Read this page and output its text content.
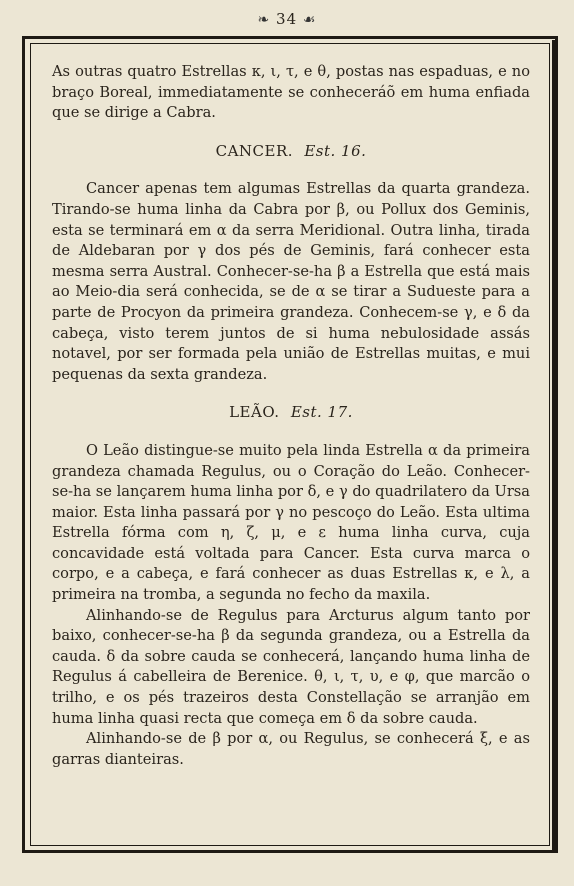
❧ 34 ☙

As outras quatro Estrellas κ, ι, τ, e θ, postas nas espaduas, e no braço Boreal, immediatamente se conheceráõ em huma enfiada que se dirige a Cabra.

CANCER. Est. 16.

Cancer apenas tem algumas Estrellas da quarta grandeza. Tirando-se huma linha da Cabra por β, ou Pollux dos Geminis, esta se terminará em α da serra Meridional. Outra linha, tirada de Aldebaran por γ dos pés de Geminis, fará conhecer esta mesma serra Austral. Conhecer-se-ha β a Estrella que está mais ao Meio-dia será conhecida, se de α se tirar a Sudueste para a parte de Procyon da primeira grandeza. Conhecem-se γ, e δ da cabeça, visto terem juntos de si huma nebulosidade assás notavel, por ser formada pela união de Estrellas muitas, e mui pequenas da sexta grandeza.

LEÃO. Est. 17.

O Leão distingue-se muito pela linda Estrella α da primeira grandeza chamada Regulus, ou o Coração do Leão. Conhecer-se-ha se lançarem huma linha por δ, e γ do quadrilatero da Ursa maior. Esta linha passará por γ no pescoço do Leão. Esta ultima Estrella fórma com η, ζ, μ, e ε huma linha curva, cuja concavidade está voltada para Cancer. Esta curva marca o corpo, e a cabeça, e fará conhecer as duas Estrellas κ, e λ, a primeira na tromba, a segunda no fecho da maxila.

Alinhando-se de Regulus para Arcturus algum tanto por baixo, conhecer-se-ha β da segunda grandeza, ou a Estrella da cauda. δ da sobre cauda se conhecerá, lançando huma linha de Regulus á cabelleira de Berenice. θ, ι, τ, υ, e φ, que marcão o trilho, e os pés trazeiros desta Constellação se arranjão em huma linha quasi recta que começa em δ da sobre cauda.

Alinhando-se de β por α, ou Regulus, se conhecerá ξ, e as garras dianteiras.
